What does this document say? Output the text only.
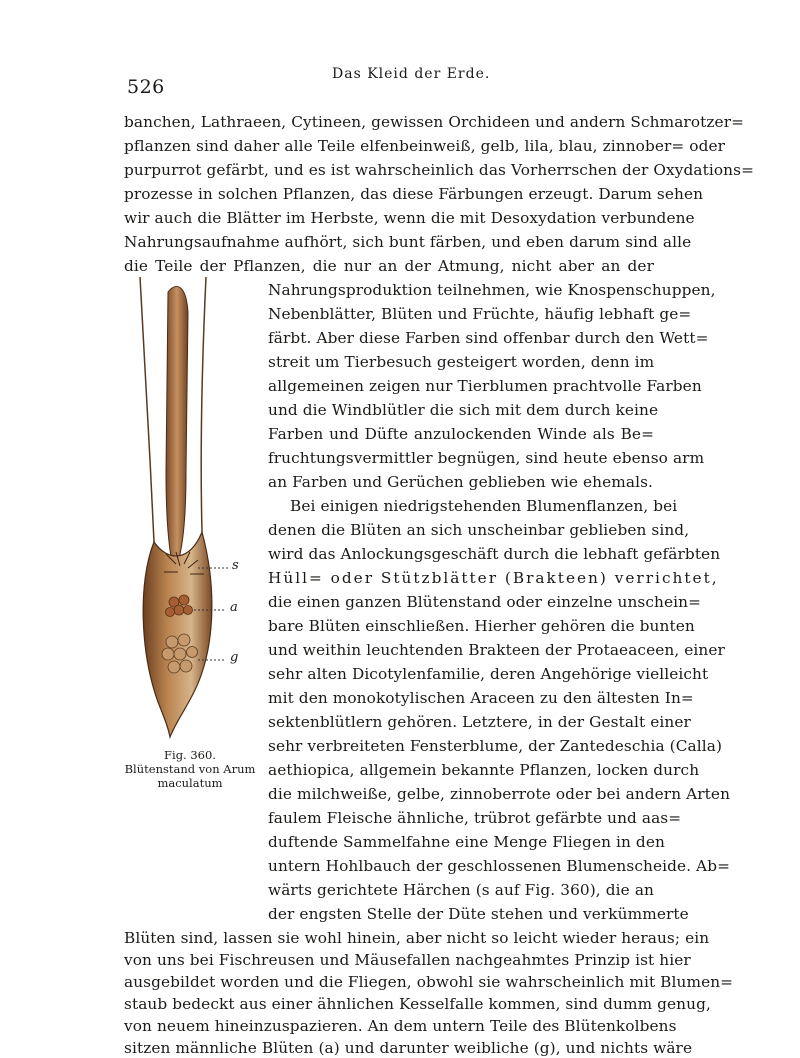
526
Das Kleid der Erde.
banchen, Lathraeen, Cytineen, gewissen Orchideen und andern Schmarotzer=
pflanzen sind daher alle Teile elfenbeinweiß, gelb, lila, blau, zinnober= oder
purpurrot gefärbt, und es ist wahrscheinlich das Vorherrschen der Oxydations=
prozesse in solchen Pflanzen, das diese Färbungen erzeugt. Darum sehen
wir auch die Blätter im Herbste, wenn die mit Desoxydation verbundene
Nahrungsaufnahme aufhört, sich bunt färben, und eben darum sind alle
die Teile der Pflanzen, die nur an der Atmung, nicht aber an der
Nahrungsproduktion teilnehmen, wie Knospenschuppen,
Nebenblätter, Blüten und Früchte, häufig lebhaft ge=
färbt. Aber diese Farben sind offenbar durch den Wett=
streit um Tierbesuch gesteigert worden, denn im
allgemeinen zeigen nur Tierblumen prachtvolle Farben
und die Windblütler die sich mit dem durch keine
Farben und Düfte anzulockenden Winde als Be=
fruchtungsvermittler begnügen, sind heute ebenso arm
an Farben und Gerüchen geblieben wie ehemals.
Bei einigen niedrigstehenden Blumenflanzen, bei
denen die Blüten an sich unscheinbar geblieben sind,
wird das Anlockungsgeschäft durch die lebhaft gefärbten
Hüll= oder Stützblätter (Brakteen) verrichtet,
die einen ganzen Blütenstand oder einzelne unschein=
bare Blüten einschließen. Hierher gehören die bunten
und weithin leuchtenden Brakteen der Protaeaceen, einer
sehr alten Dicotylenfamilie, deren Angehörige vielleicht
mit den monokotylischen Araceen zu den ältesten In=
sektenblütlern gehören. Letztere, in der Gestalt einer
sehr verbreiteten Fensterblume, der Zantedeschia (Calla)
aethiopica, allgemein bekannte Pflanzen, locken durch
die milchweiße, gelbe, zinnoberrote oder bei andern Arten
faulem Fleische ähnliche, trübrot gefärbte und aas=
duftende Sammelfahne eine Menge Fliegen in den
untern Hohlbauch der geschlossenen Blumenscheide. Ab=
wärts gerichtete Härchen (s auf Fig. 360), die an
der engsten Stelle der Düte stehen und verkümmerte
Blüten sind, lassen sie wohl hinein, aber nicht so leicht wieder heraus; ein
von uns bei Fischreusen und Mäusefallen nachgeahmtes Prinzip ist hier
ausgebildet worden und die Fliegen, obwohl sie wahrscheinlich mit Blumen=
staub bedeckt aus einer ähnlichen Kesselfalle kommen, sind dumm genug,
von neuem hineinzuspazieren. An dem untern Teile des Blütenkolbens
sitzen männliche Blüten (a) und darunter weibliche (g), und nichts wäre
s
a
g
Fig. 360.
Blütenstand von Arum
maculatum
